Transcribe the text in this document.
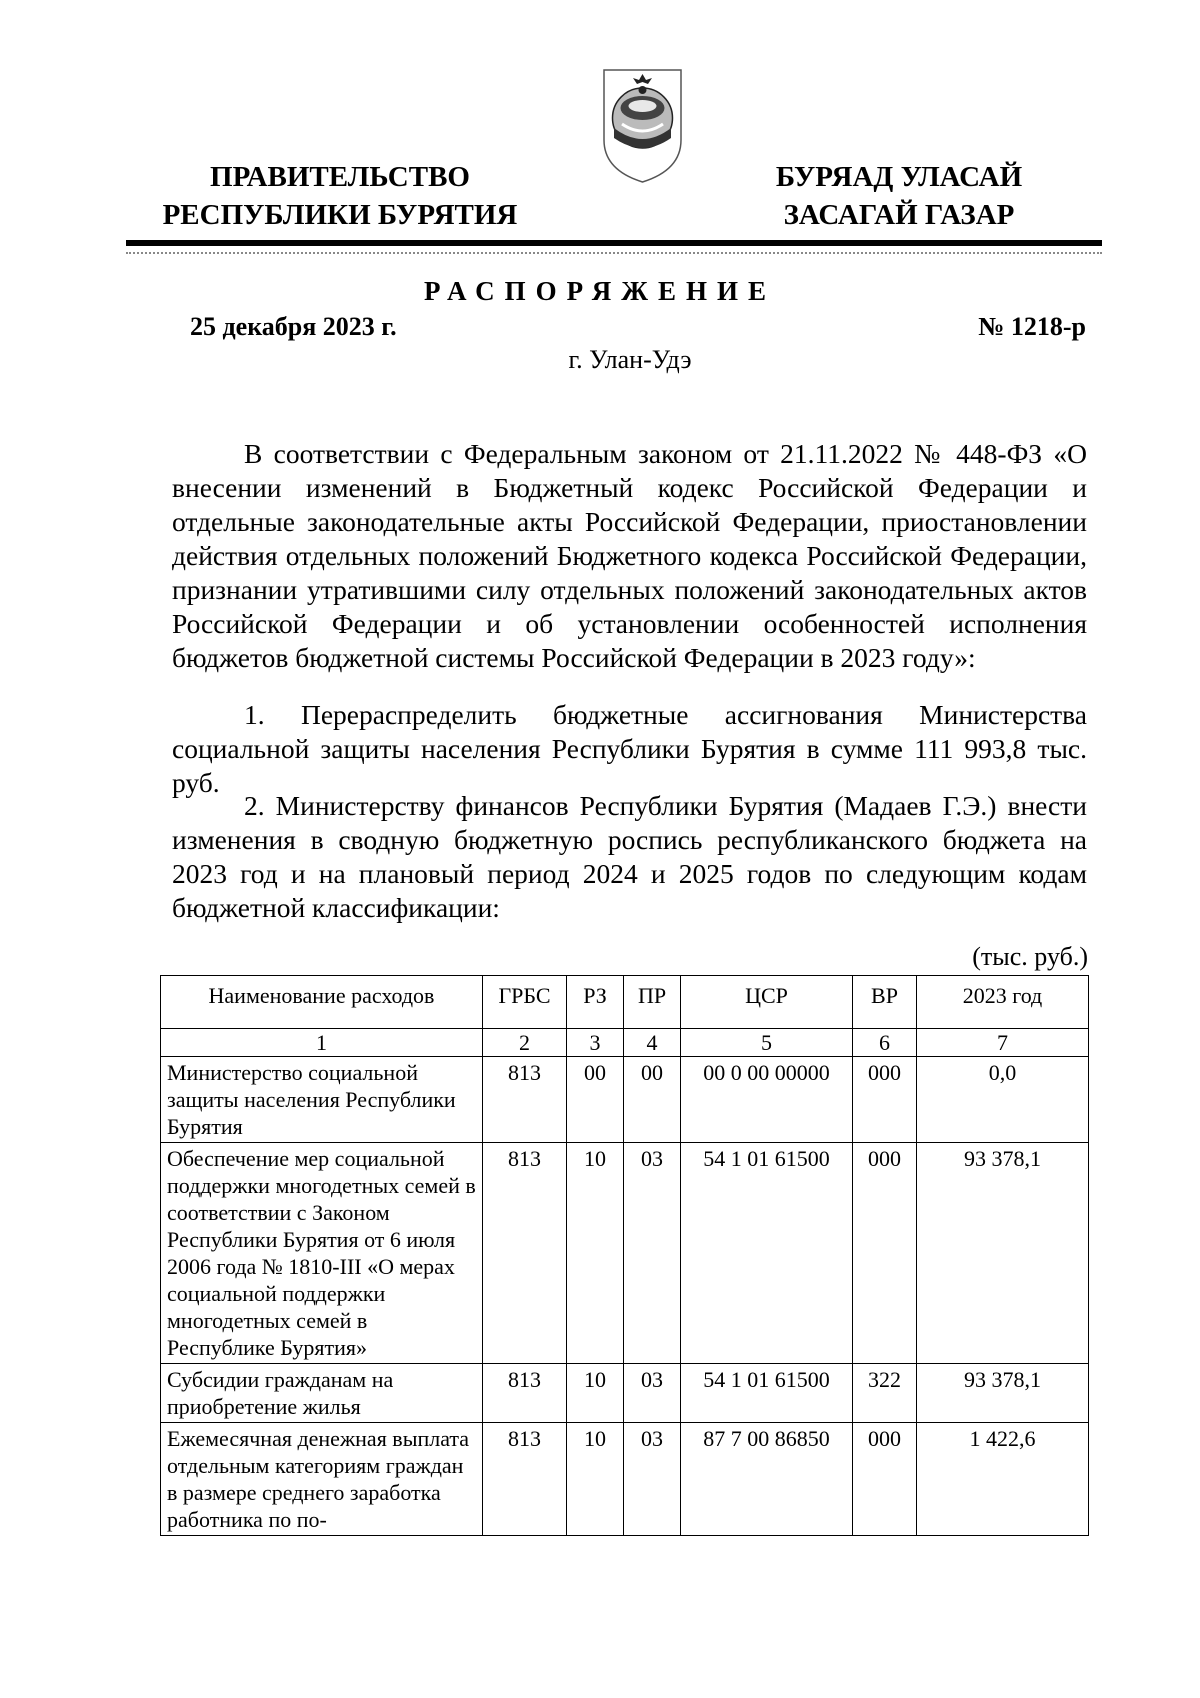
ПРАВИТЕЛЬСТВО
РЕСПУБЛИКИ БУРЯТИЯ
БУРЯАД УЛАСАЙ
ЗАСАГАЙ ГАЗАР
РАСПОРЯЖЕНИЕ
25 декабря 2023 г.	№ 1218-р
г. Улан-Удэ

В соответствии с Федеральным законом от 21.11.2022 № 448-ФЗ «О внесении изменений в Бюджетный кодекс Российской Федерации и отдельные законодательные акты Российской Федерации, приостановлении действия отдельных положений Бюджетного кодекса Российской Федерации, признании утратившими силу отдельных положений законодательных актов Российской Федерации и об установлении особенностей исполнения бюджетов бюджетной системы Российской Федерации в 2023 году»:

1. Перераспределить бюджетные ассигнования Министерства социальной защиты населения Республики Бурятия в сумме 111 993,8 тыс. руб.

2. Министерству финансов Республики Бурятия (Мадаев Г.Э.) внести изменения в сводную бюджетную роспись республиканского бюджета на 2023 год и на плановый период 2024 и 2025 годов по следующим кодам бюджетной классификации:

(тыс. руб.)
Наименование расходов	ГРБС	РЗ	ПР	ЦСР	ВР	2023 год
1	2	3	4	5	6	7
Министерство социальной защиты населения Республики Бурятия	813	00	00	00 0 00 00000	000	0,0
Обеспечение мер социальной поддержки многодетных семей в соответствии с Законом Республики Бурятия от 6 июля 2006 года № 1810-III «О мерах социальной поддержки многодетных семей в Республике Бурятия»	813	10	03	54 1 01 61500	000	93 378,1
Субсидии гражданам на приобретение жилья	813	10	03	54 1 01 61500	322	93 378,1
Ежемесячная денежная выплата отдельным категориям граждан в размере среднего заработка работника по по-	813	10	03	87 7 00 86850	000	1 422,6
